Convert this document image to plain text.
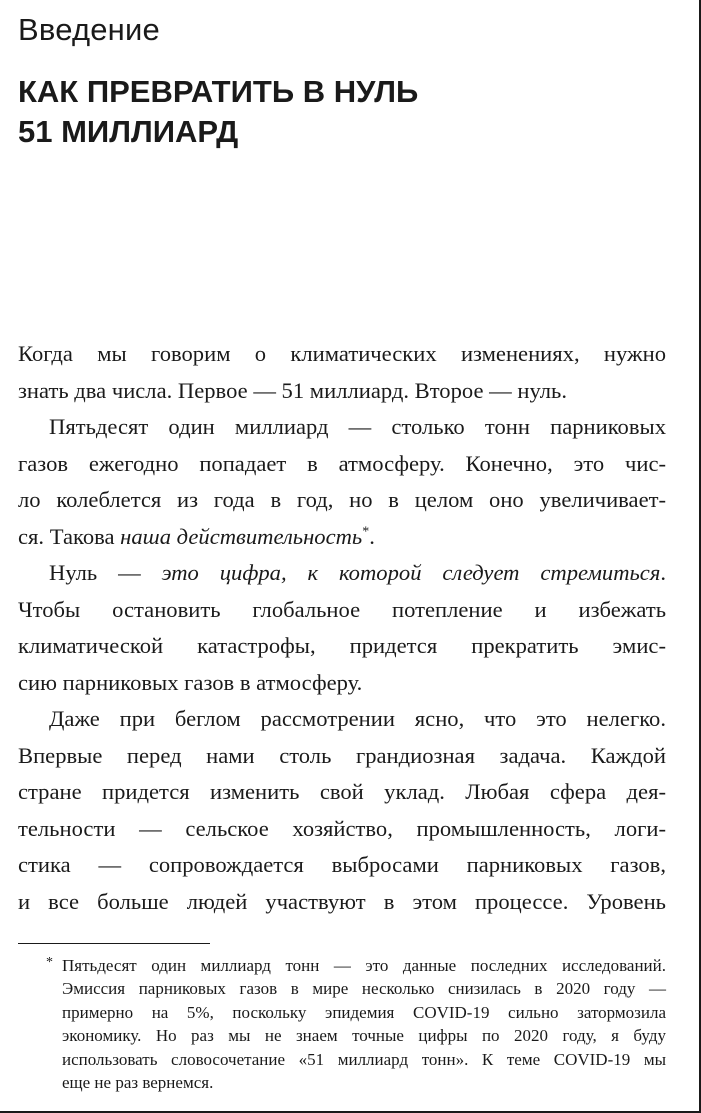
Введение
КАК ПРЕВРАТИТЬ В НУЛЬ
51 МИЛЛИАРД
Когда мы говорим о климатических изменениях, нужно
знать два числа. Первое — 51 миллиард. Второе — нуль.
Пятьдесят один миллиард — столько тонн парниковых
газов ежегодно попадает в атмосферу. Конечно, это чис-
ло колеблется из года в год, но в целом оно увеличивает-
ся. Такова наша действительность*.
Нуль — это цифра, к которой следует стремиться.
Чтобы остановить глобальное потепление и избежать
климатической катастрофы, придется прекратить эмис-
сию парниковых газов в атмосферу.
Даже при беглом рассмотрении ясно, что это нелегко.
Впервые перед нами столь грандиозная задача. Каждой
стране придется изменить свой уклад. Любая сфера дея-
тельности — сельское хозяйство, промышленность, логи-
стика — сопровождается выбросами парниковых газов,
и все больше людей участвуют в этом процессе. Уровень
* Пятьдесят один миллиард тонн — это данные последних исследований.
Эмиссия парниковых газов в мире несколько снизилась в 2020 году —
примерно на 5%, поскольку эпидемия COVID-19 сильно затормозила
экономику. Но раз мы не знаем точные цифры по 2020 году, я буду
использовать словосочетание «51 миллиард тонн». К теме COVID-19 мы
еще не раз вернемся.
